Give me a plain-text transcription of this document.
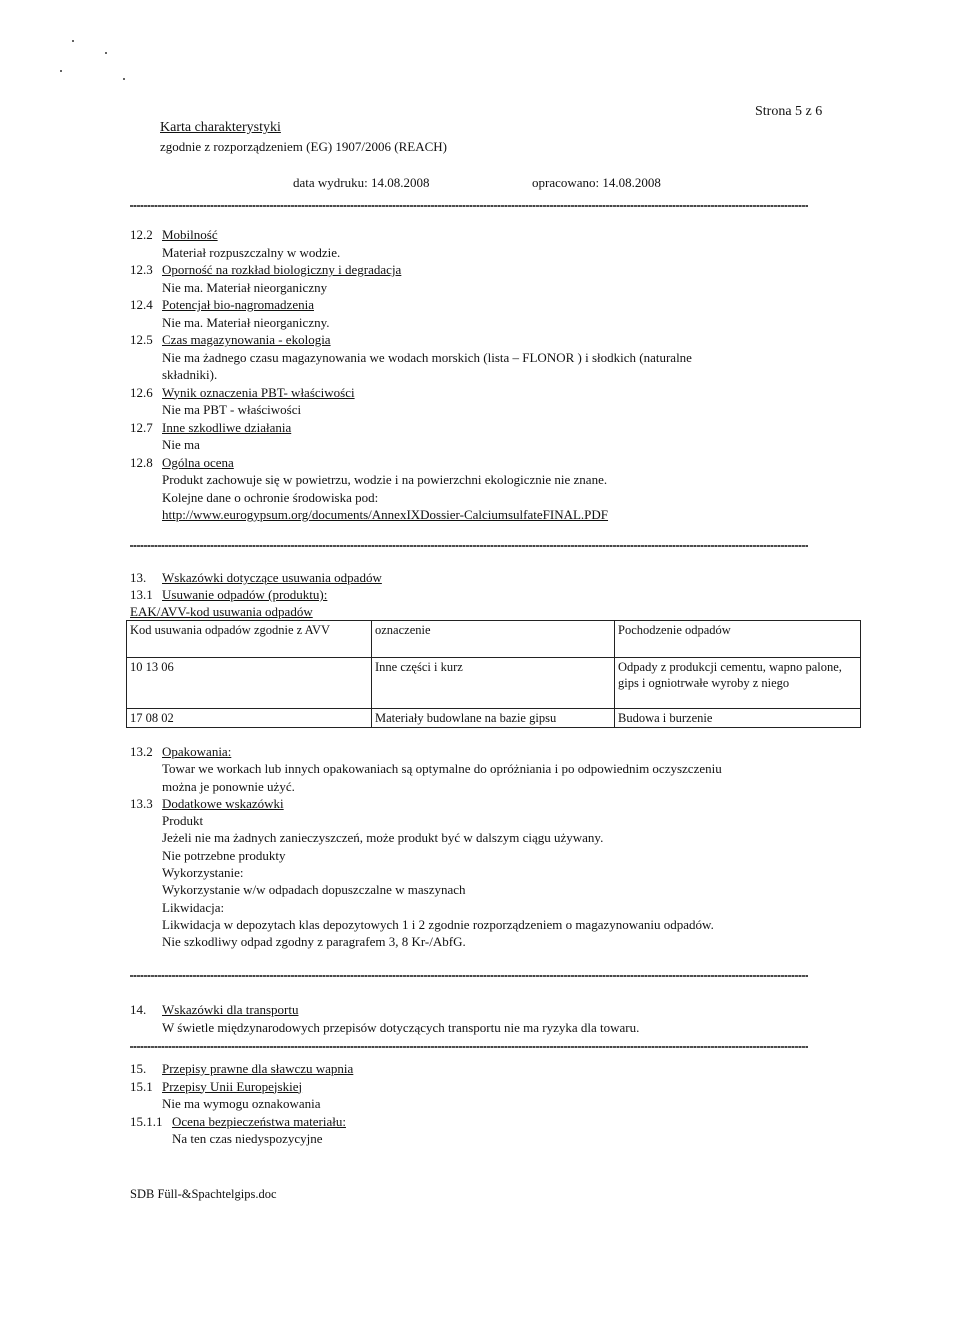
Karta charakterystyki
zgodnie z rozporządzeniem (EG) 1907/2006 (REACH)
Strona 5 z 6
data wydruku: 14.08.2008	opracowano: 14.08.2008
12.2 Mobilność
Materiał rozpuszczalny w wodzie.
12.3 Oporność na rozkład biologiczny i degradacja
Nie ma. Materiał nieorganiczny
12.4 Potencjał bio-nagromadzenia
Nie ma. Materiał nieorganiczny.
12.5 Czas magazynowania - ekologia
Nie ma żadnego czasu magazynowania we wodach morskich (lista – FLONOR ) i słodkich (naturalne
składniki).
12.6 Wynik oznaczenia PBT- właściwości
Nie ma PBT - właściwości
12.7 Inne szkodliwe działania
Nie ma
12.8 Ogólna ocena
Produkt zachowuje się w powietrzu, wodzie i na powierzchni ekologicznie nie znane.
Kolejne dane o ochronie środowiska pod:
http://www.eurogypsum.org/documents/AnnexIXDossier-CalciumsulfateFINAL.PDF
13. Wskazówki dotyczące usuwania odpadów
13.1 Usuwanie odpadów (produktu):
EAK/AVV-kod usuwania odpadów
Kod usuwania odpadów zgodnie z AVV	oznaczenie	Pochodzenie odpadów
10 13 06	Inne części i kurz	Odpady z produkcji cementu, wapno palone, gips i ogniotrwałe wyroby z niego
17 08 02	Materiały budowlane na bazie gipsu	Budowa i burzenie
13.2 Opakowania:
Towar we workach lub innych opakowaniach są optymalne do opróżniania i po odpowiednim oczyszczeniu
można je ponownie użyć.
13.3 Dodatkowe wskazówki
Produkt
Jeżeli nie ma żadnych zanieczyszczeń, może produkt być w dalszym ciągu używany.
Nie potrzebne produkty
Wykorzystanie:
Wykorzystanie w/w odpadach dopuszczalne w maszynach
Likwidacja:
Likwidacja w depozytach klas depozytowych 1 i 2 zgodnie rozporządzeniem o magazynowaniu odpadów.
Nie szkodliwy odpad zgodny z paragrafem 3, 8 Kr-/AbfG.
14. Wskazówki dla transportu
W świetle międzynarodowych przepisów dotyczących transportu nie ma ryzyka dla towaru.
15. Przepisy prawne dla sławczu wapnia
15.1 Przepisy Unii Europejskiej
Nie ma wymogu oznakowania
15.1.1 Ocena bezpieczeństwa materiału:
Na ten czas niedyspozycyjne
SDB Füll-&Spachtelgips.doc
